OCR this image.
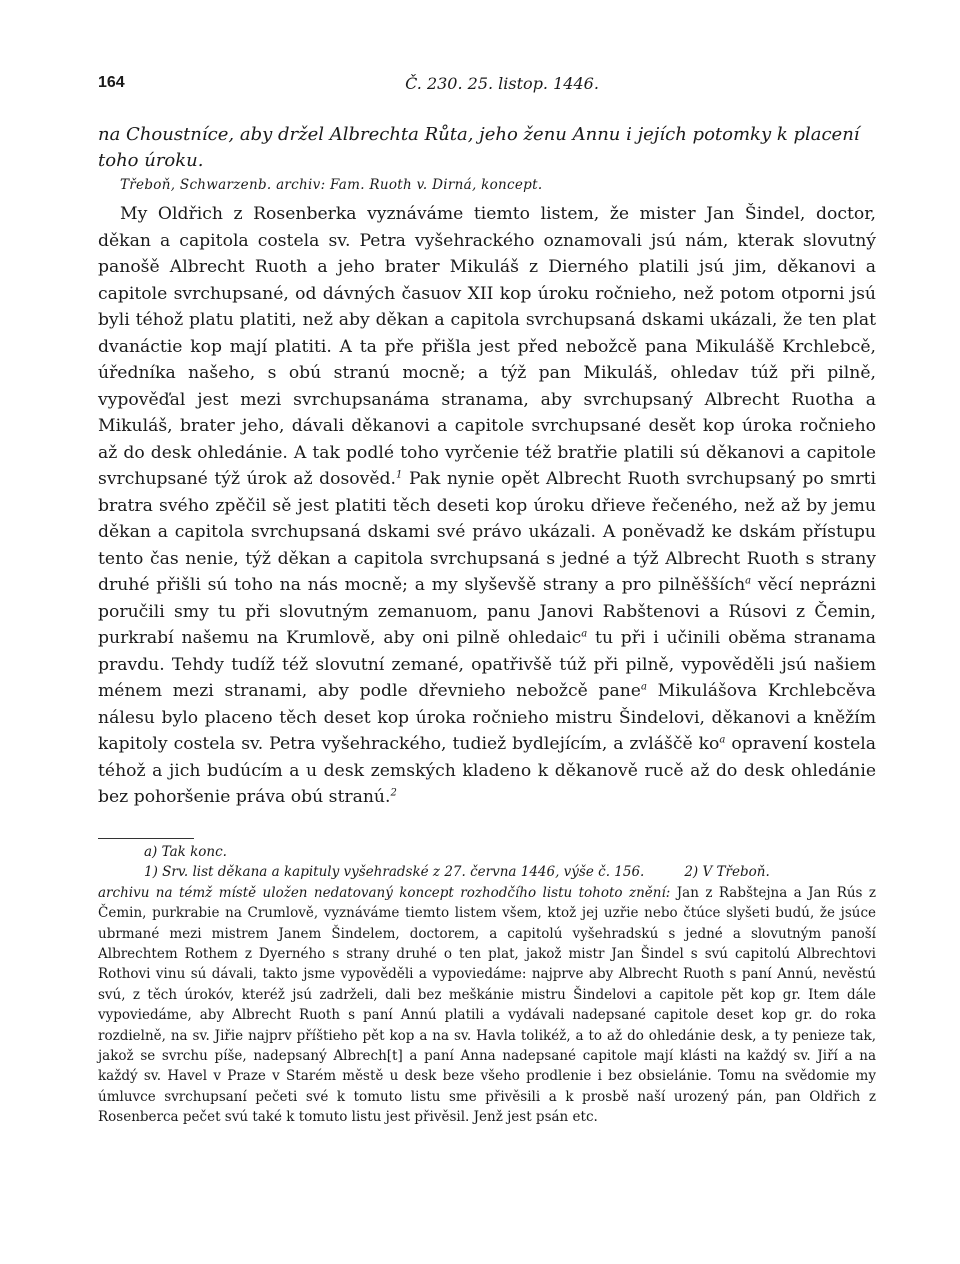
164	Č. 230. 25. listop. 1446.
na Choustníce, aby držel Albrechta Růta, jeho ženu Annu i jejích potomky k placení toho úroku.
Třeboň, Schwarzenb. archiv: Fam. Ruoth v. Dirná, koncept.

My Oldřich z Rosenberka vyznáváme tiemto listem, že mister Jan Šindel, doctor, děkan a capitola costela sv. Petra vyšehrackého oznamovali jsú nám, kterak slovutný panošě Albrecht Ruoth a jeho brater Mikuláš z Dierného platili jsú jim, děkanovi a capitole svrchupsané, od dávných časuov XII kop úroku ročnieho, než potom otporni jsú byli téhož platu platiti, než aby děkan a capitola svrchupsaná dskami ukázali, že ten plat dvanáctie kop mají platiti. A ta pře přišla jest před nebožcě pana Mikulášě Krchlebcě, úředníka našeho, s obú stranú mocně; a týž pan Mikuláš, ohledav túž při pilně, vypověďal jest mezi svrchupsanáma stranama, aby svrchupsaný Albrecht Ruotha a Mikuláš, brater jeho, dávali děkanovi a capitole svrchupsané desět kop úroka ročnieho až do desk ohledánie. A tak podlé toho vyrčenie též bratřie platili sú děkanovi a capitole svrchupsané týž úrok až dosověd.$^1$ Pak nynie opět Albrecht Ruoth svrchupsaný po smrti bratra svého zpěčil sě jest platiti těch deseti kop úroku dřieve řečeného, než až by jemu děkan a capitola svrchupsaná dskami své právo ukázali. A poněvadž ke dskám přístupu tento čas nenie, týž děkan a capitola svrchupsaná s jedné a týž Albrecht Ruoth s strany druhé přišli sú toho na nás mocně; a my slyševšě strany a pro pilněšších$^a$ věcí neprázni poručili smy tu při slovutným zemanuom, panu Janovi Rabštenovi a Rúsovi z Čemin, purkrabí našemu na Krumlově, aby oni pilně ohledaic$^a$ tu při i učinili oběma stranama pravdu. Tehdy tudíž též slovutní zemané, opatřivšě túž při pilně, vypověděli jsú našiem ménem mezi stranami, aby podle dřevnieho nebožcě pane$^a$ Mikulášova Krchlebcěva nálesu bylo placeno těch deset kop úroka ročnieho mistru Šindelovi, děkanovi a kněžím kapitoly costela sv. Petra vyšehrackého, tudiež bydlejícím, a zvláščě $ko^a$ opravení kostela téhož a jich budúcím a u desk zemských kladeno k děkanově rucě až do desk ohledánie bez pohoršenie práva obú stranú.$^2$

a) Tak konc.
1) Srv. list děkana a kapituly vyšehradské z 27. června 1446, výše č. 156.	2) V Třeboň.
archivu na témž místě uložen nedatovaný koncept rozhodčího listu tohoto znění: Jan z Rabštejna a Jan Rús z Čemin, purkrabie na Crumlově, vyznáváme tiemto listem všem, ktož jej uzřie nebo čtúce slyšeti budú, že jsúce ubrmané mezi mistrem Janem Šindelem, doctorem, a capitolú vyšehradskú s jedné a slovutným panoší Albrechtem Rothem z Dyerného s strany druhé o ten plat, jakož mistr Jan Šindel s svú capitolú Albrechtovi Rothovi vinu sú dávali, takto jsme vypověděli a vypoviedáme: najprve aby Albrecht Ruoth s paní Annú, nevěstú svú, z těch úrokóv, kteréž jsú zadrželi, dali bez meškánie mistru Šindelovi a capitole pět kop gr. Item dále vypoviedáme, aby Albrecht Ruoth s paní Annú platili a vydávali nadepsané capitole deset kop gr. do roka rozdielně, na sv. Jiřie najprv příštieho pět kop a na sv. Havla tolikéž, a to až do ohledánie desk, a ty penieze tak, jakož se svrchu píše, nadepsaný Albrech[t] a paní Anna nadepsané capitole mají klásti na každý sv. Jiří a na každý sv. Havel v Praze v Starém městě u desk beze všeho prodlenie i bez obsielánie. Tomu na svědomie my úmluvce svrchupsaní pečeti své k tomuto listu sme přivěsili a k prosbě naší urozený pán, pan Oldřich z Rosenberca pečet svú také k tomuto listu jest přivěsil. Jenž jest psán etc.
